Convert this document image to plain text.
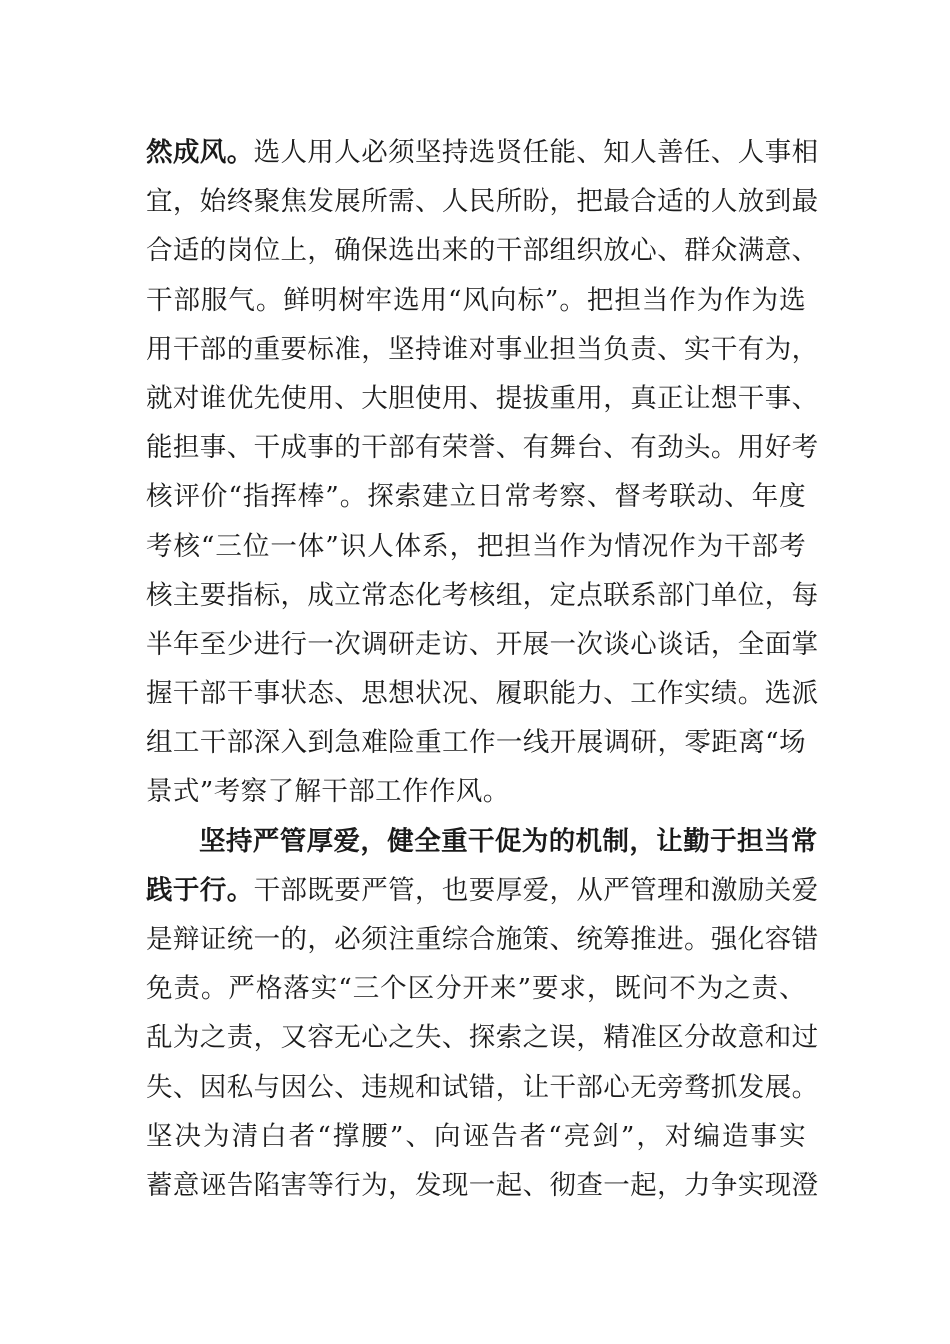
然成风。选人用人必须坚持选贤任能、知人善任、人事相
宜，始终聚焦发展所需、人民所盼，把最合适的人放到最
合适的岗位上，确保选出来的干部组织放心、群众满意、
干部服气。鲜明树牢选用“风向标”。把担当作为作为选
用干部的重要标准，坚持谁对事业担当负责、实干有为，
就对谁优先使用、大胆使用、提拔重用，真正让想干事、
能担事、干成事的干部有荣誉、有舞台、有劲头。用好考
核评价“指挥棒”。探索建立日常考察、督考联动、年度
考核“三位一体”识人体系，把担当作为情况作为干部考
核主要指标，成立常态化考核组，定点联系部门单位，每
半年至少进行一次调研走访、开展一次谈心谈话，全面掌
握干部干事状态、思想状况、履职能力、工作实绩。选派
组工干部深入到急难险重工作一线开展调研，零距离“场
景式”考察了解干部工作作风。
坚持严管厚爱，健全重干促为的机制，让勤于担当常
践于行。干部既要严管，也要厚爱，从严管理和激励关爱
是辩证统一的，必须注重综合施策、统筹推进。强化容错
免责。严格落实“三个区分开来”要求，既问不为之责、
乱为之责，又容无心之失、探索之误，精准区分故意和过
失、因私与因公、违规和试错，让干部心无旁骛抓发展。
坚决为清白者“撑腰”、向诬告者“亮剑”，对编造事实
蓄意诬告陷害等行为，发现一起、彻查一起，力争实现澄
